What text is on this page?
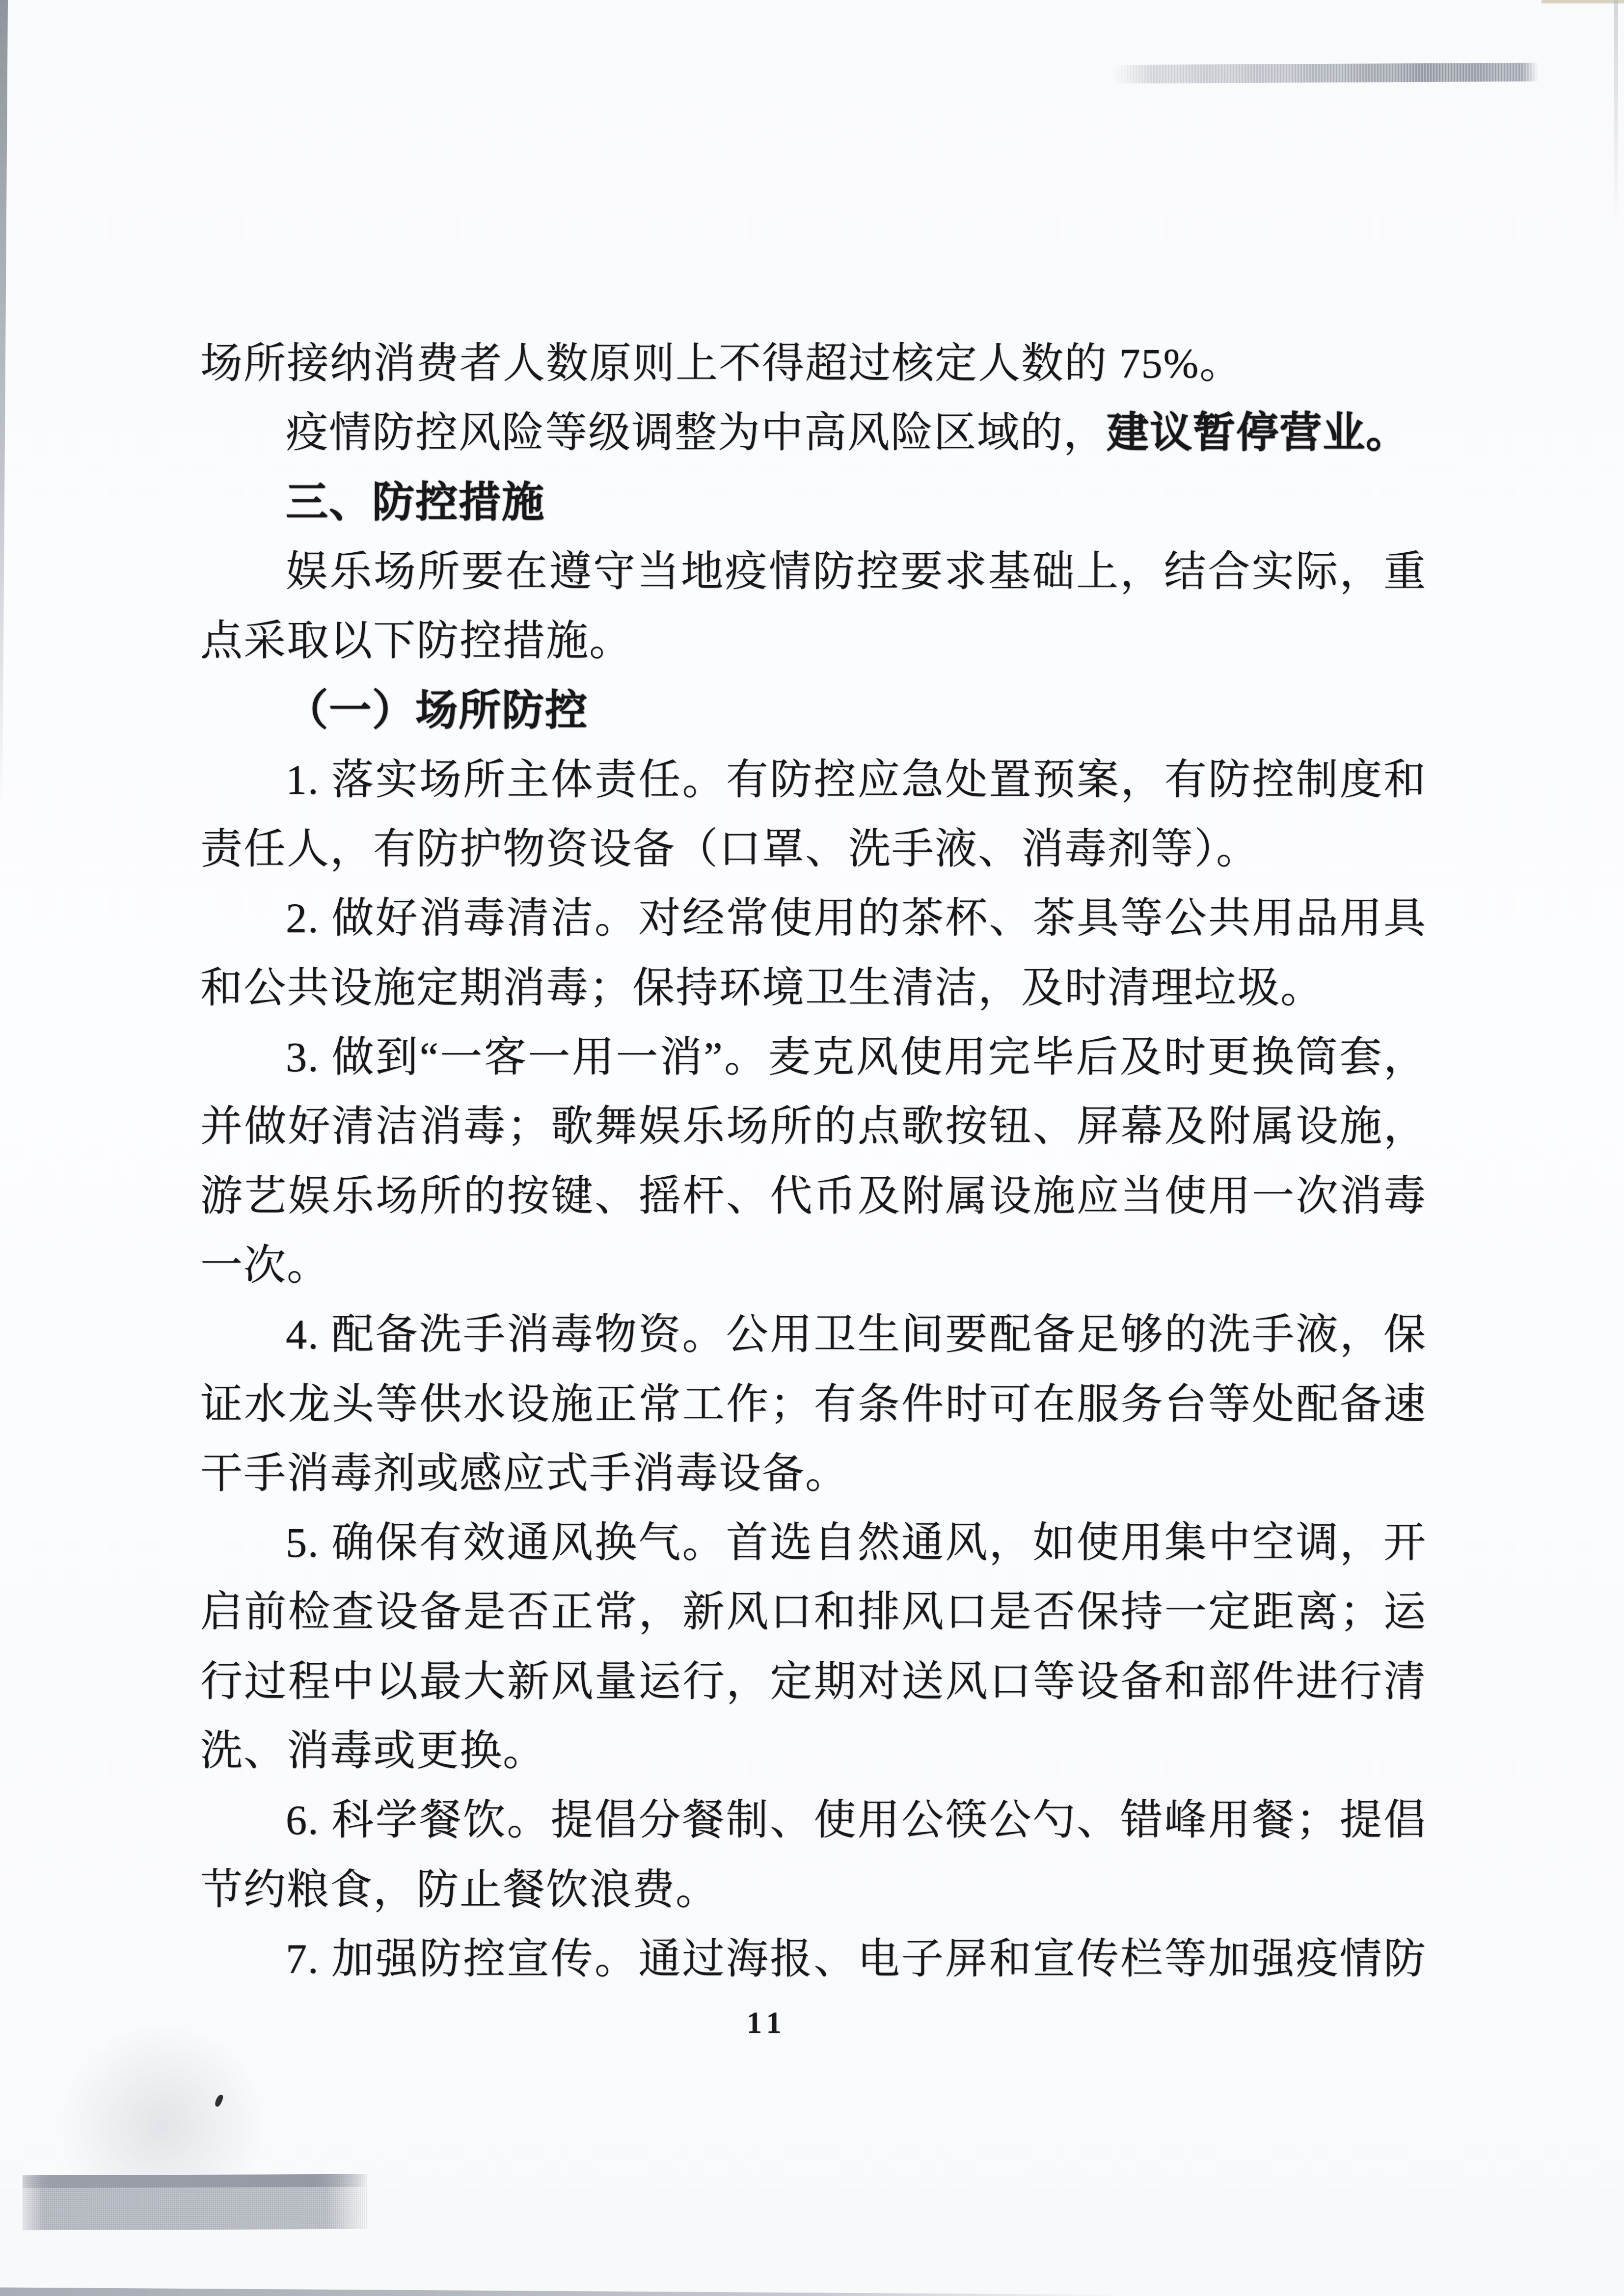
场所接纳消费者人数原则上不得超过核定人数的 75%。
疫情防控风险等级调整为中高风险区域的，建议暂停营业。
三、防控措施
娱乐场所要在遵守当地疫情防控要求基础上，结合实际，重
点采取以下防控措施。
（一）场所防控
1. 落实场所主体责任。有防控应急处置预案，有防控制度和
责任人，有防护物资设备（口罩、洗手液、消毒剂等）。
2. 做好消毒清洁。对经常使用的茶杯、茶具等公共用品用具
和公共设施定期消毒；保持环境卫生清洁，及时清理垃圾。
3. 做到“一客一用一消”。麦克风使用完毕后及时更换筒套，
并做好清洁消毒；歌舞娱乐场所的点歌按钮、屏幕及附属设施，
游艺娱乐场所的按键、摇杆、代币及附属设施应当使用一次消毒
一次。
4. 配备洗手消毒物资。公用卫生间要配备足够的洗手液，保
证水龙头等供水设施正常工作；有条件时可在服务台等处配备速
干手消毒剂或感应式手消毒设备。
5. 确保有效通风换气。首选自然通风，如使用集中空调，开
启前检查设备是否正常，新风口和排风口是否保持一定距离；运
行过程中以最大新风量运行，定期对送风口等设备和部件进行清
洗、消毒或更换。
6. 科学餐饮。提倡分餐制、使用公筷公勺、错峰用餐；提倡
节约粮食，防止餐饮浪费。
7. 加强防控宣传。通过海报、电子屏和宣传栏等加强疫情防
11
